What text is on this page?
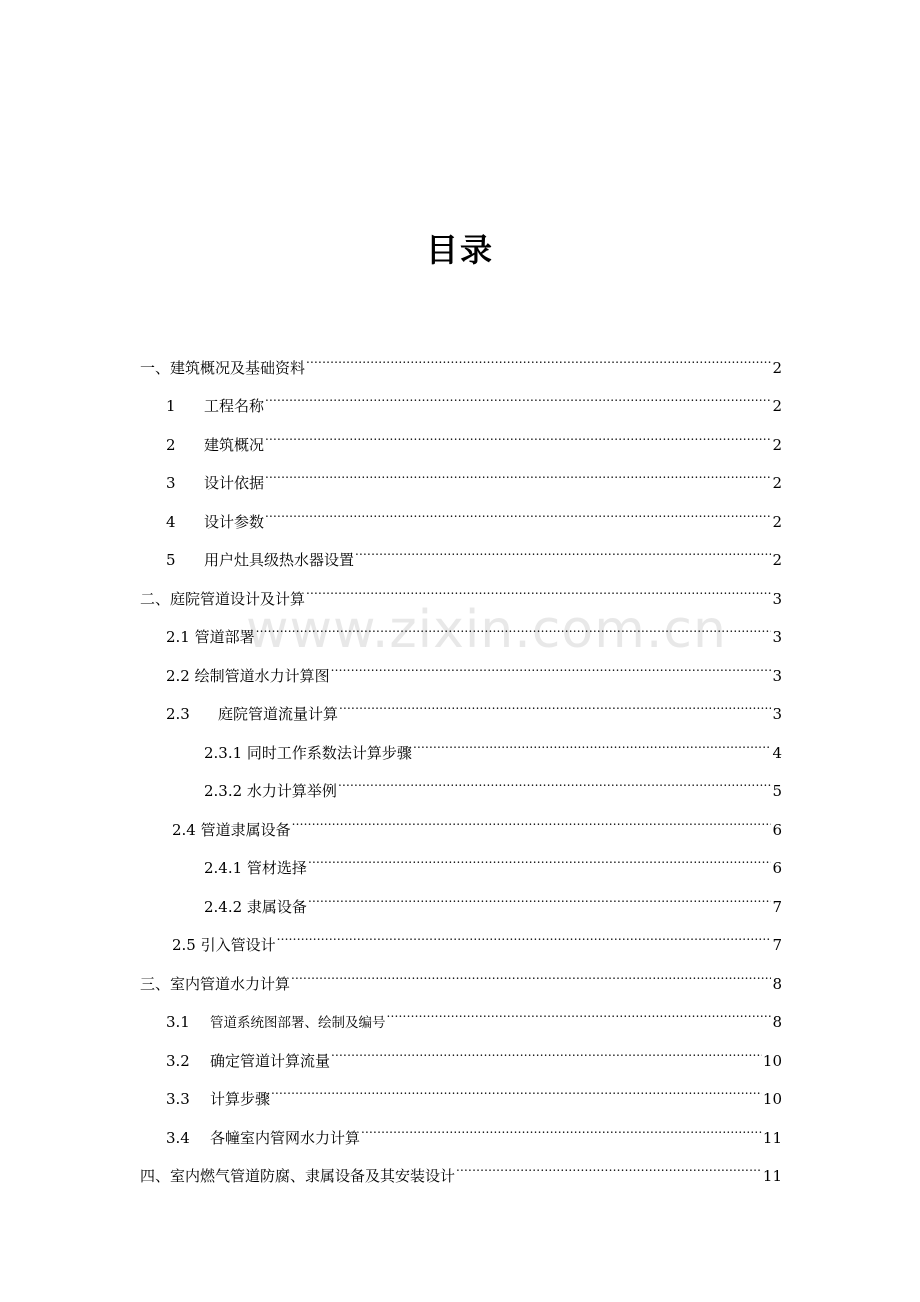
www.zixin.com.cn
目录
一、建筑概况及基础资料 .....	2
1	工程名称 .....	2
2	建筑概况 .....	2
3	设计依据 .....	2
4	设计参数 .....	2
5	用户灶具级热水器设置 .....	2
二、庭院管道设计及计算 .....	3
2.1 管道部署 .....	3
2.2 绘制管道水力计算图 .....	3
2.3	庭院管道流量计算 .....	3
2.3.1 同时工作系数法计算步骤 .....	4
2.3.2 水力计算举例 .....	5
2.4 管道隶属设备 .....	6
2.4.1 管材选择 .....	6
2.4.2 隶属设备 .....	7
2.5 引入管设计 .....	7
三、室内管道水力计算 .....	8
3.1	管道系统图部署、绘制及编号 .....	8
3.2	确定管道计算流量 .....	10
3.3	计算步骤 .....	10
3.4	各幢室内管网水力计算 .....	11
四、室内燃气管道防腐、隶属设备及其安装设计 .....	11
